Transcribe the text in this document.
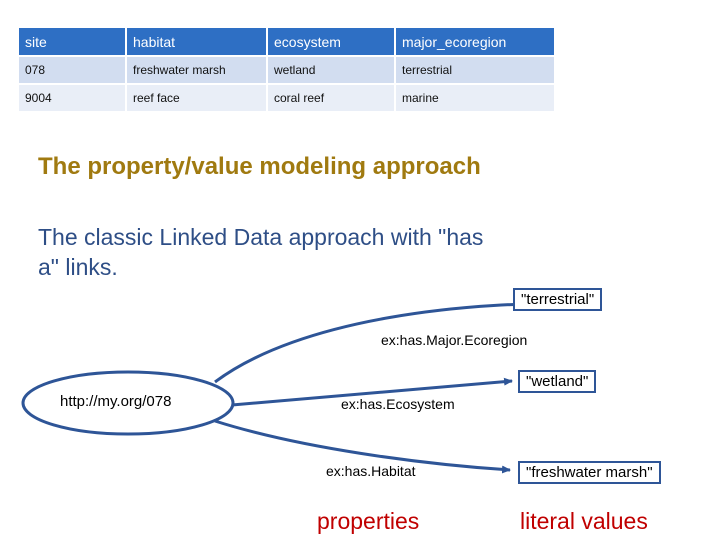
site	habitat	ecosystem	major_ecoregion
078	freshwater marsh	wetland	terrestrial
9004	reef face	coral reef	marine
The property/value modeling approach
The classic Linked Data approach with "has a" links.
http://my.org/078
"terrestrial"
"wetland"
"freshwater marsh"
ex:has.Major.Ecoregion
ex:has.Ecosystem
ex:has.Habitat
properties	literal values
